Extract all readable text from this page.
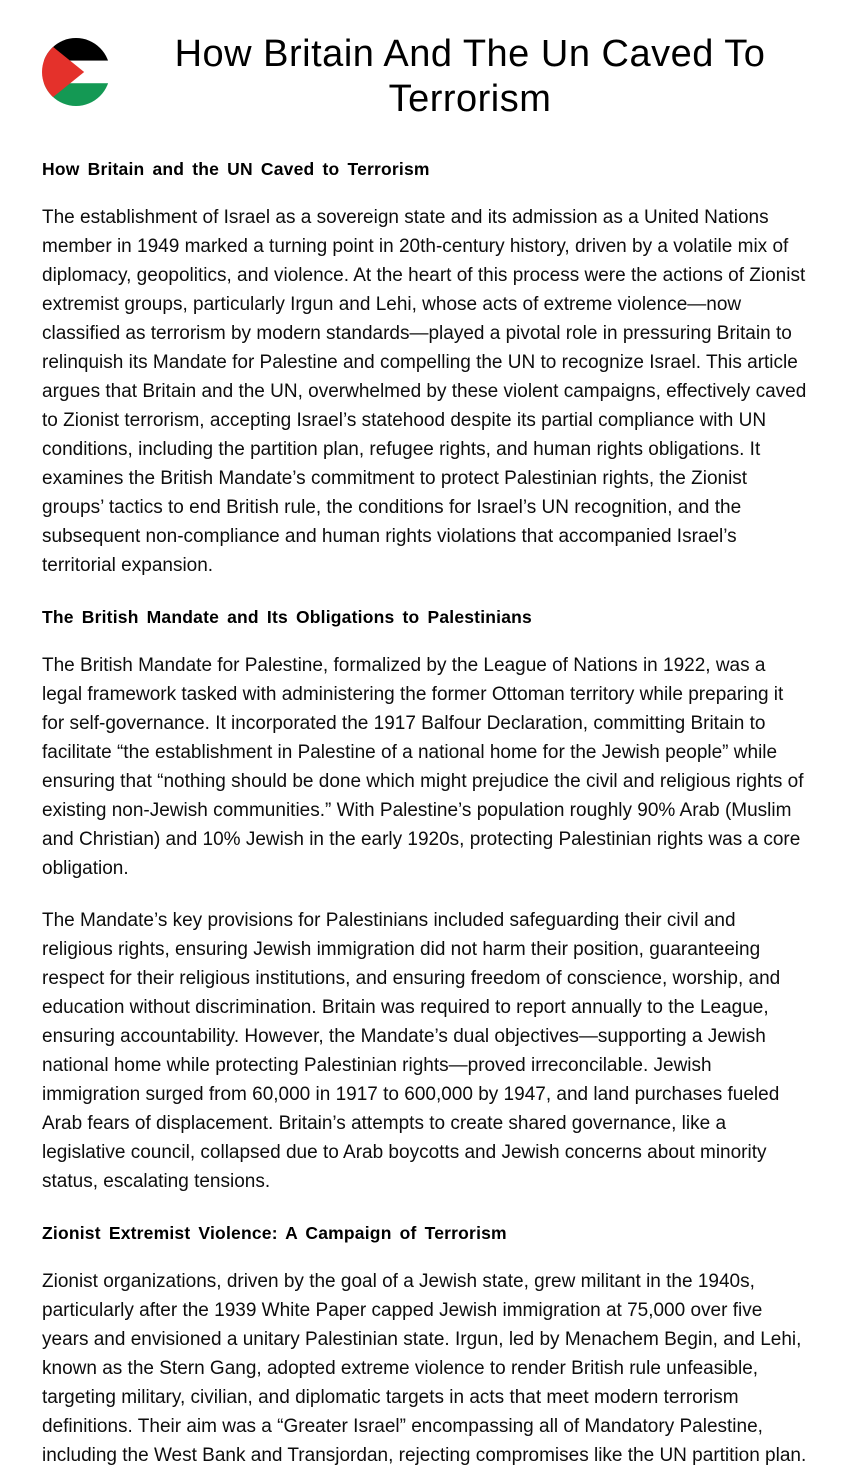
How Britain And The Un Caved To Terrorism
How Britain and the UN Caved to Terrorism

The establishment of Israel as a sovereign state and its admission as a United Nations member in 1949 marked a turning point in 20th-century history, driven by a volatile mix of diplomacy, geopolitics, and violence. At the heart of this process were the actions of Zionist extremist groups, particularly Irgun and Lehi, whose acts of extreme violence—now classified as terrorism by modern standards—played a pivotal role in pressuring Britain to relinquish its Mandate for Palestine and compelling the UN to recognize Israel. This article argues that Britain and the UN, overwhelmed by these violent campaigns, effectively caved to Zionist terrorism, accepting Israel’s statehood despite its partial compliance with UN conditions, including the partition plan, refugee rights, and human rights obligations. It examines the British Mandate’s commitment to protect Palestinian rights, the Zionist groups’ tactics to end British rule, the conditions for Israel’s UN recognition, and the subsequent non-compliance and human rights violations that accompanied Israel’s territorial expansion.

The British Mandate and Its Obligations to Palestinians

The British Mandate for Palestine, formalized by the League of Nations in 1922, was a legal framework tasked with administering the former Ottoman territory while preparing it for self-governance. It incorporated the 1917 Balfour Declaration, committing Britain to facilitate “the establishment in Palestine of a national home for the Jewish people” while ensuring that “nothing should be done which might prejudice the civil and religious rights of existing non-Jewish communities.” With Palestine’s population roughly 90% Arab (Muslim and Christian) and 10% Jewish in the early 1920s, protecting Palestinian rights was a core obligation.

The Mandate’s key provisions for Palestinians included safeguarding their civil and religious rights, ensuring Jewish immigration did not harm their position, guaranteeing respect for their religious institutions, and ensuring freedom of conscience, worship, and education without discrimination. Britain was required to report annually to the League, ensuring accountability. However, the Mandate’s dual objectives—supporting a Jewish national home while protecting Palestinian rights—proved irreconcilable. Jewish immigration surged from 60,000 in 1917 to 600,000 by 1947, and land purchases fueled Arab fears of displacement. Britain’s attempts to create shared governance, like a legislative council, collapsed due to Arab boycotts and Jewish concerns about minority status, escalating tensions.

Zionist Extremist Violence: A Campaign of Terrorism

Zionist organizations, driven by the goal of a Jewish state, grew militant in the 1940s, particularly after the 1939 White Paper capped Jewish immigration at 75,000 over five years and envisioned a unitary Palestinian state. Irgun, led by Menachem Begin, and Lehi, known as the Stern Gang, adopted extreme violence to render British rule unfeasible, targeting military, civilian, and diplomatic targets in acts that meet modern terrorism definitions. Their aim was a “Greater Israel” encompassing all of Mandatory Palestine, including the West Bank and Transjordan, rejecting compromises like the UN partition plan.
